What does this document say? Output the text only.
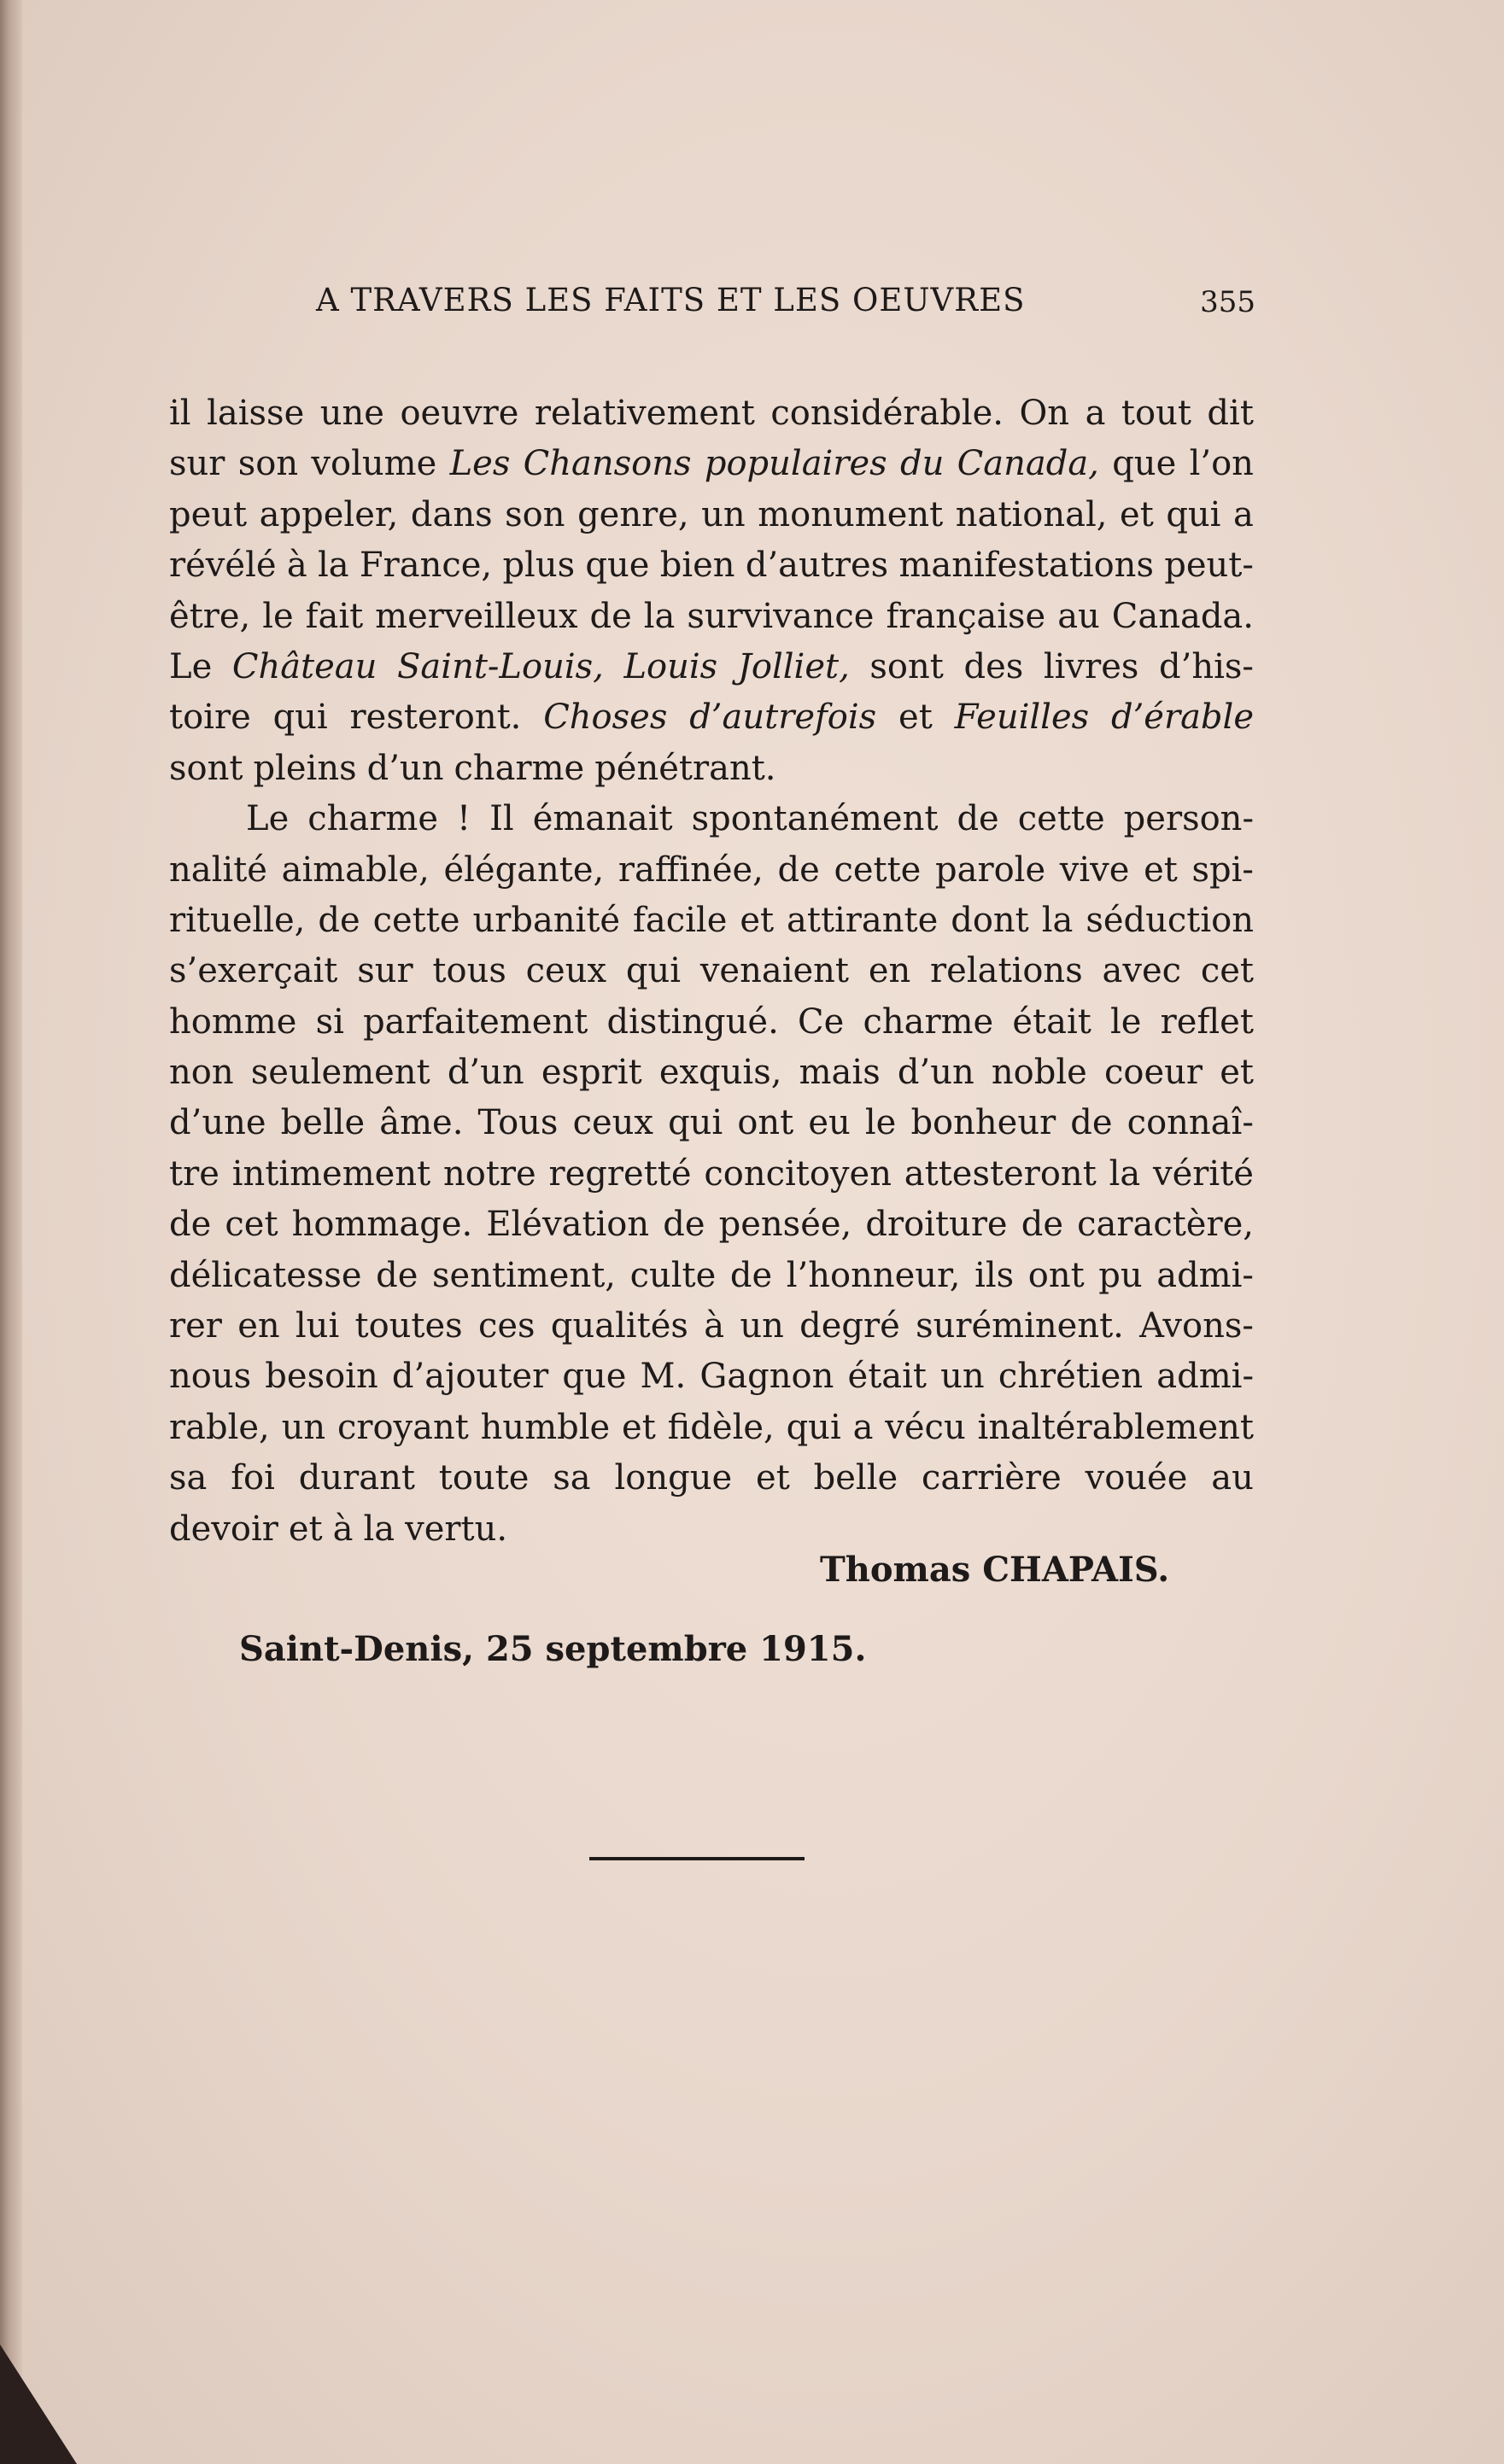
A TRAVERS LES FAITS ET LES OEUVRES	355
il laisse une oeuvre relativement considérable. On a tout dit
sur son volume Les Chansons populaires du Canada, que l’on
peut appeler, dans son genre, un monument national, et qui a
révélé à la France, plus que bien d’autres manifestations peut-
être, le fait merveilleux de la survivance française au Canada.
Le Château Saint-Louis, Louis Jolliet, sont des livres d’his-
toire qui resteront. Choses d’autrefois et Feuilles d’érable
sont pleins d’un charme pénétrant.
Le charme ! Il émanait spontanément de cette person-
nalité aimable, élégante, raffinée, de cette parole vive et spi-
rituelle, de cette urbanité facile et attirante dont la séduction
s’exerçait sur tous ceux qui venaient en relations avec cet
homme si parfaitement distingué. Ce charme était le reflet
non seulement d’un esprit exquis, mais d’un noble coeur et
d’une belle âme. Tous ceux qui ont eu le bonheur de connaî-
tre intimement notre regretté concitoyen attesteront la vérité
de cet hommage. Elévation de pensée, droiture de caractère,
délicatesse de sentiment, culte de l’honneur, ils ont pu admi-
rer en lui toutes ces qualités à un degré suréminent. Avons-
nous besoin d’ajouter que M. Gagnon était un chrétien admi-
rable, un croyant humble et fidèle, qui a vécu inaltérablement
sa foi durant toute sa longue et belle carrière vouée au
devoir et à la vertu.
Thomas CHAPAIS.
Saint-Denis, 25 septembre 1915.
